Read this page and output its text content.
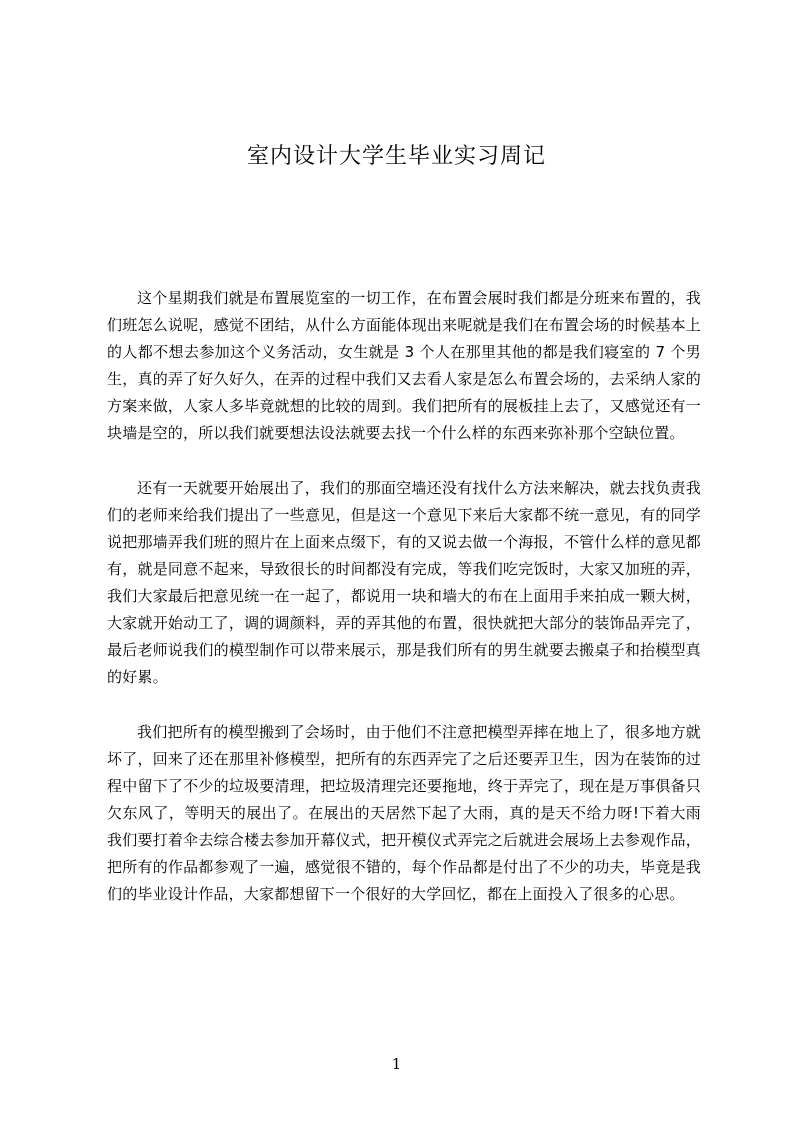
室内设计大学生毕业实习周记

这个星期我们就是布置展览室的一切工作，在布置会展时我们都是分班来布置的，我们班怎么说呢，感觉不团结，从什么方面能体现出来呢就是我们在布置会场的时候基本上的人都不想去参加这个义务活动，女生就是 3 个人在那里其他的都是我们寝室的 7 个男生，真的弄了好久好久，在弄的过程中我们又去看人家是怎么布置会场的，去采纳人家的方案来做，人家人多毕竟就想的比较的周到。我们把所有的展板挂上去了，又感觉还有一块墙是空的，所以我们就要想法设法就要去找一个什么样的东西来弥补那个空缺位置。

还有一天就要开始展出了，我们的那面空墙还没有找什么方法来解决，就去找负责我们的老师来给我们提出了一些意见，但是这一个意见下来后大家都不统一意见，有的同学说把那墙弄我们班的照片在上面来点缀下，有的又说去做一个海报，不管什么样的意见都有，就是同意不起来，导致很长的时间都没有完成，等我们吃完饭时，大家又加班的弄，我们大家最后把意见统一在一起了，都说用一块和墙大的布在上面用手来拍成一颗大树，大家就开始动工了，调的调颜料，弄的弄其他的布置，很快就把大部分的装饰品弄完了，最后老师说我们的模型制作可以带来展示，那是我们所有的男生就要去搬桌子和抬模型真的好累。

我们把所有的模型搬到了会场时，由于他们不注意把模型弄摔在地上了，很多地方就坏了，回来了还在那里补修模型，把所有的东西弄完了之后还要弄卫生，因为在装饰的过程中留下了不少的垃圾要清理，把垃圾清理完还要拖地，终于弄完了，现在是万事俱备只欠东风了，等明天的展出了。在展出的天居然下起了大雨，真的是天不给力呀!下着大雨我们要打着伞去综合楼去参加开幕仪式，把开模仪式弄完之后就进会展场上去参观作品，把所有的作品都参观了一遍，感觉很不错的，每个作品都是付出了不少的功夫，毕竟是我们的毕业设计作品，大家都想留下一个很好的大学回忆，都在上面投入了很多的心思。

1
